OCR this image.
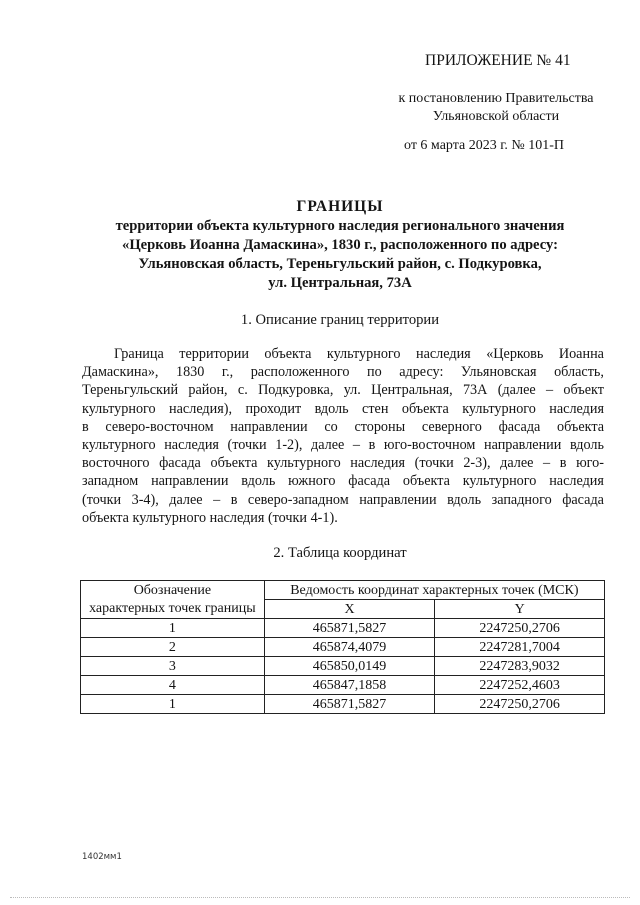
ПРИЛОЖЕНИЕ № 41
к постановлению Правительства
Ульяновской области
от 6 марта 2023 г. № 101-П
ГРАНИЦЫ
территории объекта культурного наследия регионального значения
«Церковь Иоанна Дамаскина», 1830 г., расположенного по адресу:
Ульяновская область, Тереньгульский район, с. Подкуровка,
ул. Центральная, 73А
1. Описание границ территории
Граница территории объекта культурного наследия «Церковь Иоанна
Дамаскина», 1830 г., расположенного по адресу: Ульяновская область,
Тереньгульский район, с. Подкуровка, ул. Центральная, 73А (далее – объект
культурного наследия), проходит вдоль стен объекта культурного наследия
в северо-восточном направлении со стороны северного фасада объекта
культурного наследия (точки 1-2), далее – в юго-восточном направлении вдоль
восточного фасада объекта культурного наследия (точки 2-3), далее – в юго-
западном направлении вдоль южного фасада объекта культурного наследия
(точки 3-4), далее – в северо-западном направлении вдоль западного фасада
объекта культурного наследия (точки 4-1).
2. Таблица координат
Обозначение	Ведомость координат характерных точек (МСК)	
характерных точек границы	X	Y
1	465871,5827	2247250,2706
2	465874,4079	2247281,7004
3	465850,0149	2247283,9032
4	465847,1858	2247252,4603
1	465871,5827	2247250,2706
1402мм1
